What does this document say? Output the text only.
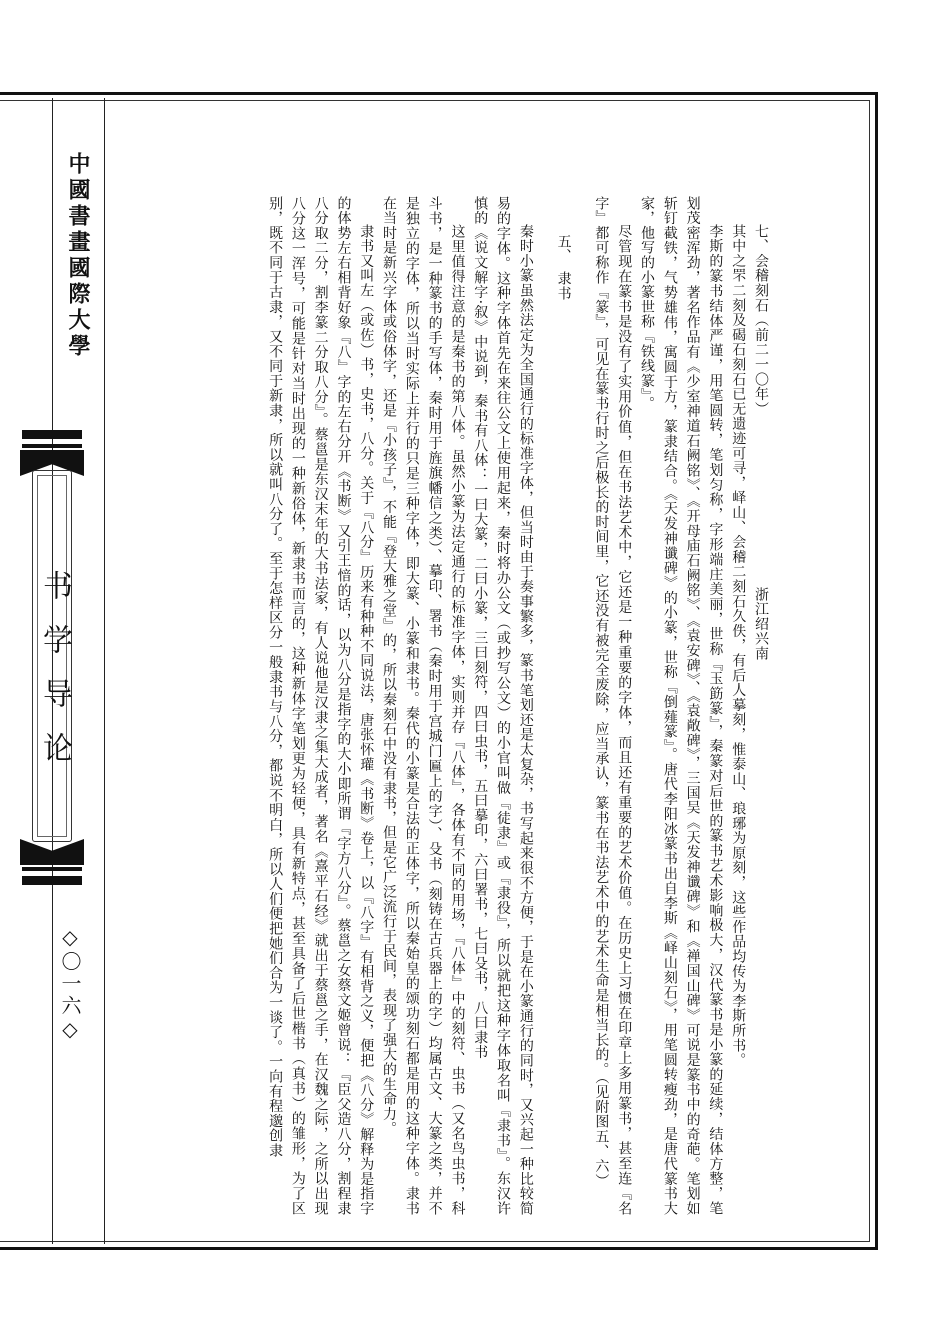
中國書畫國際大學
书学导论
◇〇一六◇

七、会稽刻石（前二一〇年）　　　　　　　　　　　　浙江绍兴南

其中之罘二刻及碣石刻石已无遗迹可寻，峄山、会稽二刻石久佚，有后人摹刻，惟泰山、琅琊为原刻，这些作品均传为李斯所书。

李斯的篆书结体严谨，用笔圆转，笔划匀称，字形端庄美丽，世称『玉筯篆』，秦篆对后世的篆书艺术影响极大，汉代篆书是小篆的延续，结体方整，笔划茂密浑劲，著名作品有《少室神道石阙铭》、《开母庙石阙铭》、《袁安碑》、《袁敞碑》，三国吴《天发神谶碑》和《禅国山碑》可说是篆书中的奇葩。笔划如斩钉截铁，气势雄伟，寓圆于方，篆隶结合。《天发神谶碑》的小篆，世称『倒薤篆』。唐代李阳冰篆书出自李斯《峄山刻石》，用笔圆转瘦劲，是唐代篆书大家，他写的小篆世称『铁线篆』。

尽管现在篆书是没有了实用价值，但在书法艺术中，它还是一种重要的字体，而且还有重要的艺术价值。在历史上习惯在印章上多用篆书，甚至连『名字』都可称作『篆』，可见在篆书行时之后极长的时间里，它还没有被完全废除，应当承认，篆书在书法艺术中的艺术生命是相当长的。（见附图五、六）

五、　隶书

秦时小篆虽然法定为全国通行的标准字体，但当时由于奏事繁多，篆书笔划还是太复杂，书写起来很不方便，于是在小篆通行的同时，又兴起一种比较简易的字体。这种字体首先在来往公文上使用起来，秦时将办公文（或抄写公文）的小官叫做『徒隶』或『隶役』，所以就把这种字体取名叫『隶书』。东汉许慎的《说文解字·叙》中说到，秦书有八体：一曰大篆，二曰小篆，三曰刻符，四曰虫书，五曰摹印，六曰署书，七曰殳书，八曰隶书

这里值得注意的是秦书的第八体。虽然小篆为法定通行的标准字体，实则并存『八体』，各体有不同的用场，『八体』中的刻符、虫书（又名鸟虫书，科斗书，是一种篆书的手写体，秦时用于旌旗幡信之类）、摹印、署书（秦时用于宫城门匾上的字）、殳书（刻铸在古兵器上的字）均属古文、大篆之类，并不是独立的字体，所以当时实际上并行的只是三种字体，即大篆、小篆和隶书。秦代的小篆是合法的正体字，所以秦始皇的颂功刻石都是用的这种字体。隶书在当时是新兴字体或俗体字，还是『小孩子』，不能『登大雅之堂』的，所以秦刻石中没有隶书，但是它广泛流行于民间，表现了强大的生命力。

隶书又叫左（或佐）书，史书，八分。关于『八分』历来有种种不同说法，唐张怀瓘《书断》卷上，以『八字』有相背之义，便把《八分》解释为是指字的体势左右相背好象『八』字的左右分开《书断》又引王愔的话，以为八分是指字的大小即所谓『字方八分』。蔡邕之女蔡文姬曾说：『臣父造八分，割程隶八分取二分，割李篆二分取八分』。蔡邕是东汉末年的大书法家，有人说他是汉隶之集大成者，著名《熹平石经》就出于蔡邕之手，在汉魏之际，之所以出现八分这一浑号，可能是针对当时出现的一种新俗体，新隶书而言的，这种新体字笔划更为轻便，具有新特点，甚至具备了后世楷书（真书）的雏形，为了区别，既不同于古隶，又不同于新隶，所以就叫八分了。至于怎样区分一般隶书与八分，都说不明白，所以人们便把她们合为一谈了。一向有程邈创隶
